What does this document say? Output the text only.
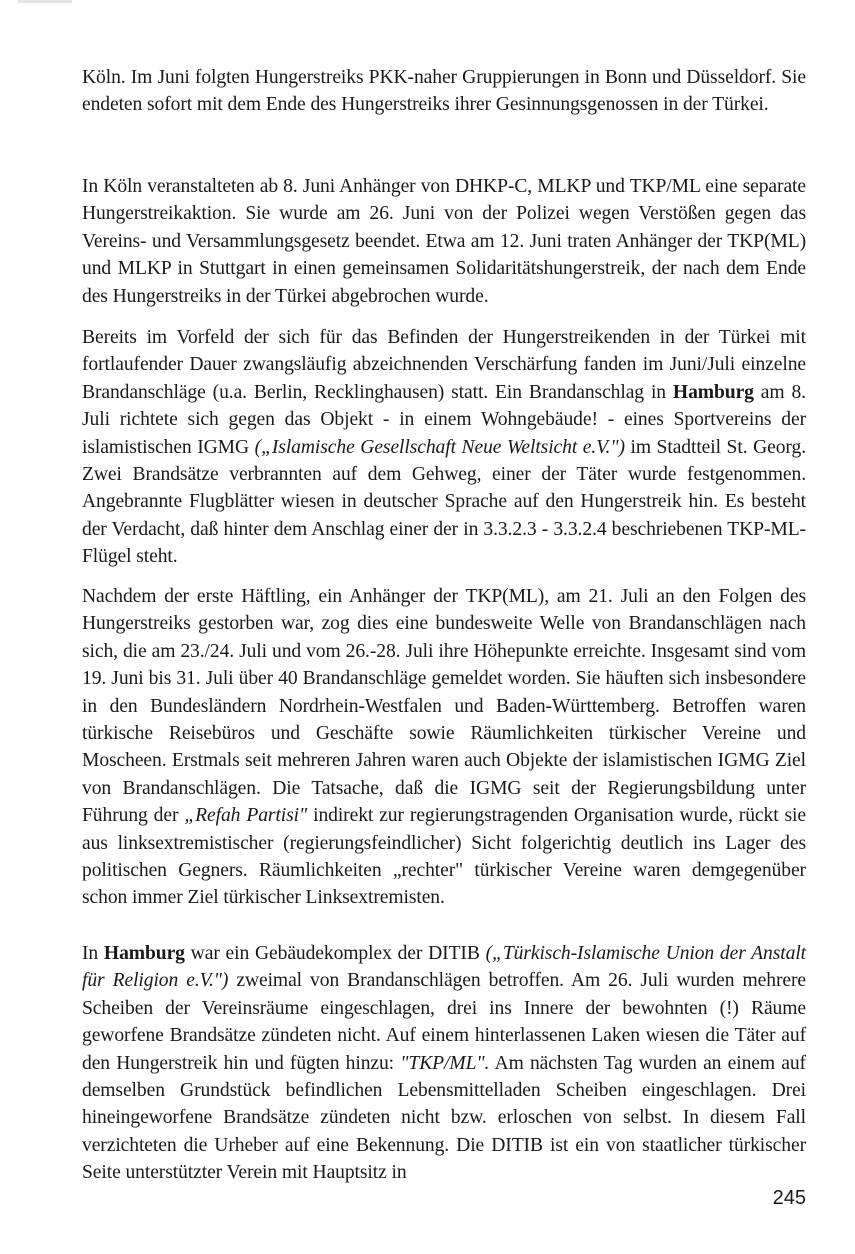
Köln. Im Juni folgten Hungerstreiks PKK-naher Gruppierungen in Bonn und Düsseldorf. Sie endeten sofort mit dem Ende des Hungerstreiks ihrer Gesinnungsgenossen in der Türkei.

In Köln veranstalteten ab 8. Juni Anhänger von DHKP-C, MLKP und TKP/ML eine separate Hungerstreikaktion. Sie wurde am 26. Juni von der Polizei wegen Verstößen gegen das Vereins- und Versammlungsgesetz beendet. Etwa am 12. Juni traten Anhänger der TKP(ML) und MLKP in Stuttgart in einen gemeinsamen Solidaritätshungerstreik, der nach dem Ende des Hungerstreiks in der Türkei abgebrochen wurde.

Bereits im Vorfeld der sich für das Befinden der Hungerstreikenden in der Türkei mit fortlaufender Dauer zwangsläufig abzeichnenden Verschärfung fanden im Juni/Juli einzelne Brandanschläge (u.a. Berlin, Recklinghausen) statt. Ein Brandanschlag in Hamburg am 8. Juli richtete sich gegen das Objekt - in einem Wohngebäude! - eines Sportvereins der islamistischen IGMG („Islamische Gesellschaft Neue Weltsicht e.V.") im Stadtteil St. Georg. Zwei Brandsätze verbrannten auf dem Gehweg, einer der Täter wurde festgenommen. Angebrannte Flugblätter wiesen in deutscher Sprache auf den Hungerstreik hin. Es besteht der Verdacht, daß hinter dem Anschlag einer der in 3.3.2.3 - 3.3.2.4 beschriebenen TKP-ML-Flügel steht.

Nachdem der erste Häftling, ein Anhänger der TKP(ML), am 21. Juli an den Folgen des Hungerstreiks gestorben war, zog dies eine bundesweite Welle von Brandanschlägen nach sich, die am 23./24. Juli und vom 26.-28. Juli ihre Höhepunkte erreichte. Insgesamt sind vom 19. Juni bis 31. Juli über 40 Brandanschläge gemeldet worden. Sie häuften sich insbesondere in den Bundesländern Nordrhein-Westfalen und Baden-Württemberg. Betroffen waren türkische Reisebüros und Geschäfte sowie Räumlichkeiten türkischer Vereine und Moscheen. Erstmals seit mehreren Jahren waren auch Objekte der islamistischen IGMG Ziel von Brandanschlägen. Die Tatsache, daß die IGMG seit der Regierungsbildung unter Führung der „Refah Partisi" indirekt zur regierungstragenden Organisation wurde, rückt sie aus linksextremistischer (regierungsfeindlicher) Sicht folgerichtig deutlich ins Lager des politischen Gegners. Räumlichkeiten „rechter" türkischer Vereine waren demgegenüber schon immer Ziel türkischer Linksextremisten.

In Hamburg war ein Gebäudekomplex der DITIB („Türkisch-Islamische Union der Anstalt für Religion e.V.") zweimal von Brandanschlägen betroffen. Am 26. Juli wurden mehrere Scheiben der Vereinsräume eingeschlagen, drei ins Innere der bewohnten (!) Räume geworfene Brandsätze zündeten nicht. Auf einem hinterlassenen Laken wiesen die Täter auf den Hungerstreik hin und fügten hinzu: "TKP/ML". Am nächsten Tag wurden an einem auf demselben Grundstück befindlichen Lebensmittelladen Scheiben eingeschlagen. Drei hineingeworfene Brandsätze zündeten nicht bzw. erloschen von selbst. In diesem Fall verzichteten die Urheber auf eine Bekennung. Die DITIB ist ein von staatlicher türkischer Seite unterstützter Verein mit Hauptsitz in

245
